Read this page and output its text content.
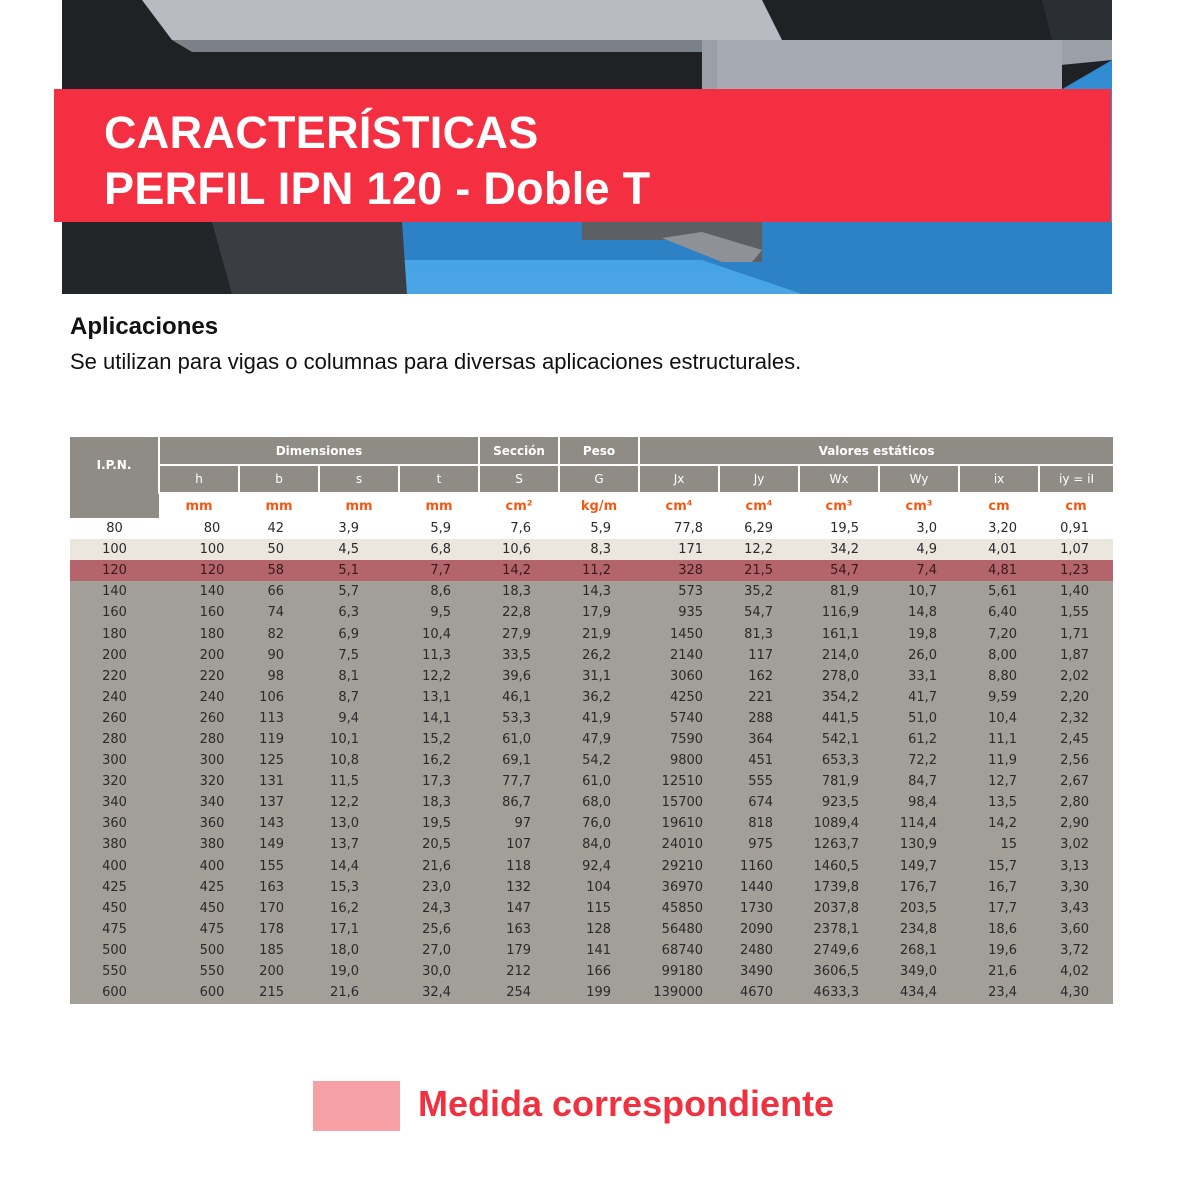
CARACTERÍSTICAS
PERFIL IPN 120 - Doble T
Aplicaciones

Se utilizan para vigas o columnas para diversas aplicaciones estructurales.

I.P.N.	Dimensiones				Sección	Peso	Valores estáticos					
	h	b	s	t	S	G	Jx	Jy	Wx	Wy	ix	iy = iI
	mm	mm	mm	mm	cm²	kg/m	cm⁴	cm⁴	cm³	cm³	cm	cm
80	80	42	3,9	5,9	7,6	5,9	77,8	6,29	19,5	3,0	3,20	0,91
100	100	50	4,5	6,8	10,6	8,3	171	12,2	34,2	4,9	4,01	1,07
120	120	58	5,1	7,7	14,2	11,2	328	21,5	54,7	7,4	4,81	1,23
140	140	66	5,7	8,6	18,3	14,3	573	35,2	81,9	10,7	5,61	1,40
160	160	74	6,3	9,5	22,8	17,9	935	54,7	116,9	14,8	6,40	1,55
180	180	82	6,9	10,4	27,9	21,9	1450	81,3	161,1	19,8	7,20	1,71
200	200	90	7,5	11,3	33,5	26,2	2140	117	214,0	26,0	8,00	1,87
220	220	98	8,1	12,2	39,6	31,1	3060	162	278,0	33,1	8,80	2,02
240	240	106	8,7	13,1	46,1	36,2	4250	221	354,2	41,7	9,59	2,20
260	260	113	9,4	14,1	53,3	41,9	5740	288	441,5	51,0	10,4	2,32
280	280	119	10,1	15,2	61,0	47,9	7590	364	542,1	61,2	11,1	2,45
300	300	125	10,8	16,2	69,1	54,2	9800	451	653,3	72,2	11,9	2,56
320	320	131	11,5	17,3	77,7	61,0	12510	555	781,9	84,7	12,7	2,67
340	340	137	12,2	18,3	86,7	68,0	15700	674	923,5	98,4	13,5	2,80
360	360	143	13,0	19,5	97	76,0	19610	818	1089,4	114,4	14,2	2,90
380	380	149	13,7	20,5	107	84,0	24010	975	1263,7	130,9	15	3,02
400	400	155	14,4	21,6	118	92,4	29210	1160	1460,5	149,7	15,7	3,13
425	425	163	15,3	23,0	132	104	36970	1440	1739,8	176,7	16,7	3,30
450	450	170	16,2	24,3	147	115	45850	1730	2037,8	203,5	17,7	3,43
475	475	178	17,1	25,6	163	128	56480	2090	2378,1	234,8	18,6	3,60
500	500	185	18,0	27,0	179	141	68740	2480	2749,6	268,1	19,6	3,72
550	550	200	19,0	30,0	212	166	99180	3490	3606,5	349,0	21,6	4,02
600	600	215	21,6	32,4	254	199	139000	4670	4633,3	434,4	23,4	4,30

Medida correspondiente
